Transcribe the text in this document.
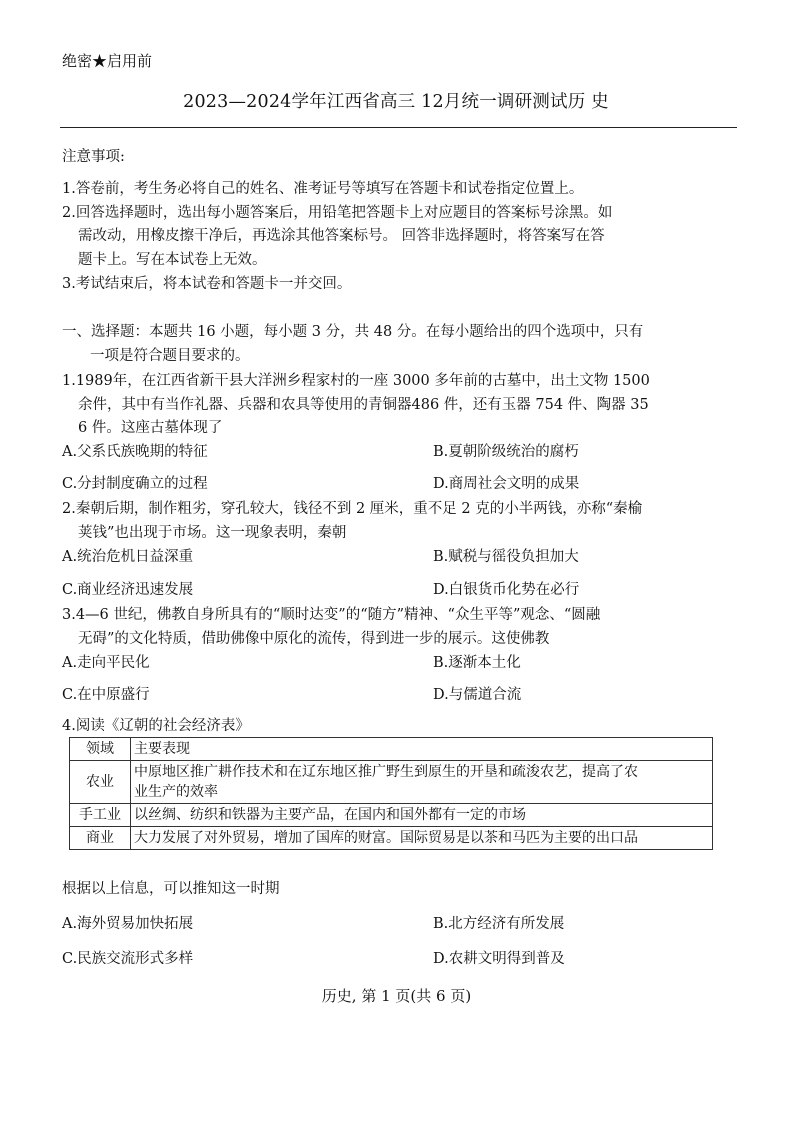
绝密★启用前
2023—2024学年江西省高三 12月统一调研测试历 史
注意事项:
1.答卷前，考生务必将自己的姓名、准考证号等填写在答题卡和试卷指定位置上。
2.回答选择题时，选出每小题答案后，用铅笔把答题卡上对应题目的答案标号涂黑。如
需改动，用橡皮擦干净后，再选涂其他答案标号。 回答非选择题时，将答案写在答
题卡上。写在本试卷上无效。
3.考试结束后，将本试卷和答题卡一并交回。
一、选择题：本题共 16 小题，每小题 3 分，共 48 分。在每小题给出的四个选项中，只有
一项是符合题目要求的。
1.1989年，在江西省新干县大洋洲乡程家村的一座 3000 多年前的古墓中，出土文物 1500
余件，其中有当作礼器、兵器和农具等使用的青铜器486 件，还有玉器 754 件、陶器 35
6 件。这座古墓体现了
A.父系氏族晚期的特征	B.夏朝阶级统治的腐朽
C.分封制度确立的过程	D.商周社会文明的成果
2.秦朝后期，制作粗劣，穿孔较大，钱径不到 2 厘米，重不足 2 克的小半两钱，亦称“秦榆
荚钱”也出现于市场。这一现象表明，秦朝
A.统治危机日益深重	B.赋税与徭役负担加大
C.商业经济迅速发展	D.白银货币化势在必行
3.4—6 世纪，佛教自身所具有的“顺时达变”的“随方”精神、“众生平等”观念、“圆融
无碍”的文化特质，借助佛像中原化的流传，得到进一步的展示。这使佛教
A.走向平民化	B.逐渐本土化
C.在中原盛行	D.与儒道合流
4.阅读《辽朝的社会经济表》
领域	主要表现
农业	中原地区推广耕作技术和在辽东地区推广野生到原生的开垦和疏浚农艺，提高了农
业生产的效率
手工业	以丝绸、纺织和铁器为主要产品，在国内和国外都有一定的市场
商业	大力发展了对外贸易，增加了国库的财富。国际贸易是以茶和马匹为主要的出口品
根据以上信息，可以推知这一时期
A.海外贸易加快拓展	B.北方经济有所发展
C.民族交流形式多样	D.农耕文明得到普及
历史, 第 1 页(共 6 页)
